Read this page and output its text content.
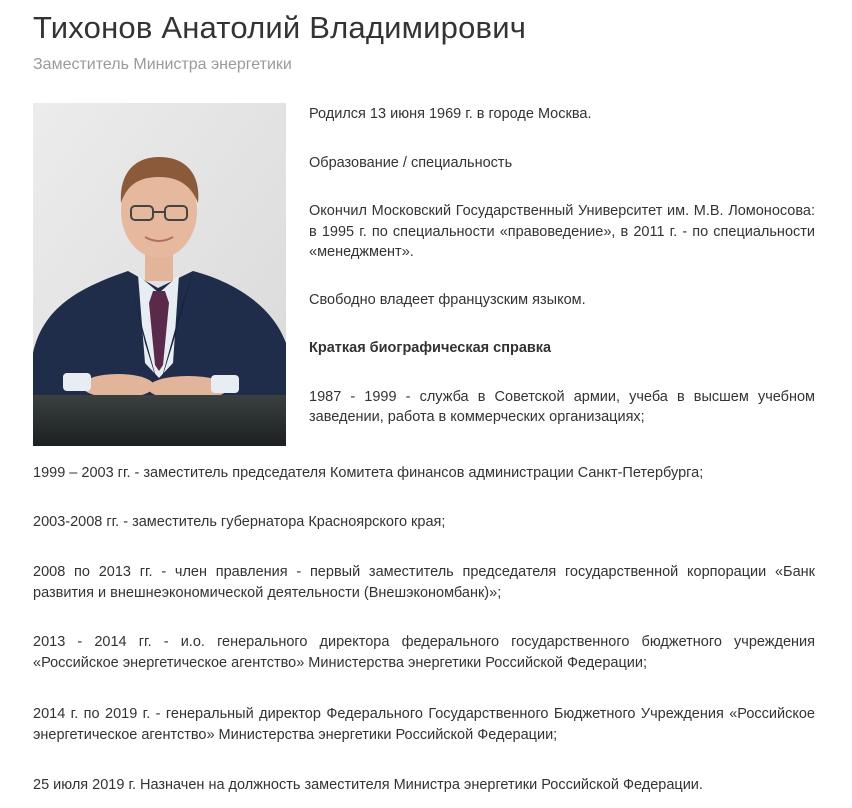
Тихонов Анатолий Владимирович
Заместитель Министра энергетики

Родился 13 июня 1969 г. в городе Москва.

Образование / специальность

Окончил Московский Государственный Университет им. М.В. Ломоносова: в 1995 г. по специальности «правоведение», в 2011 г. - по специальности «менеджмент».

Свободно владеет французским языком.

Краткая биографическая справка

1987 - 1999 - служба в Советской армии, учеба в высшем учебном заведении, работа в коммерческих организациях;

1999 – 2003 гг. - заместитель председателя Комитета финансов администрации Санкт-Петербурга;

2003-2008 гг. - заместитель губернатора Красноярского края;

2008 по 2013 гг. - член правления - первый заместитель председателя государственной корпорации «Банк развития и внешнеэкономической деятельности (Внешэкономбанк)»;

2013 - 2014 гг. - и.о. генерального директора федерального государственного бюджетного учреждения «Российское энергетическое агентство» Министерства энергетики Российской Федерации;

2014 г. по 2019 г. - генеральный директор Федерального Государственного Бюджетного Учреждения «Российское энергетическое агентство» Министерства энергетики Российской Федерации;

25 июля 2019 г. Назначен на должность заместителя Министра энергетики Российской Федерации.
